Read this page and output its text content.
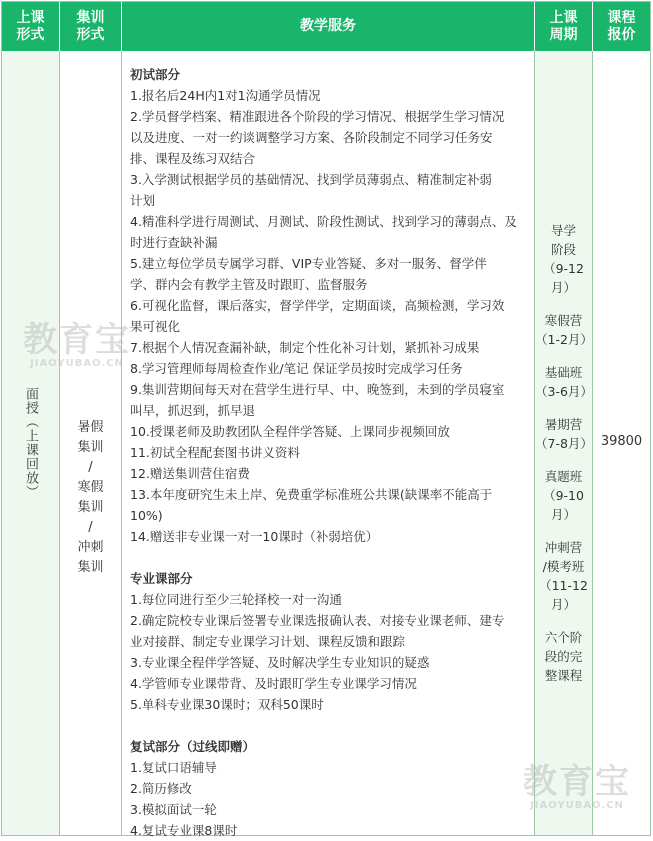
上课
形式
集训
形式
教学服务
上课
周期
课程
报价
面授（上课回放）	暑假
集训
/
寒假
集训
/
冲刺
集训
初试部分
1.报名后24H内1对1沟通学员情况
2.学员督学档案、精准跟进各个阶段的学习情况、根据学生学习情况
以及进度、一对一约谈调整学习方案、各阶段制定不同学习任务安
排、课程及练习双结合
3.入学测试根据学员的基础情况、找到学员薄弱点、精准制定补弱
计划
4.精准科学进行周测试、月测试、阶段性测试、找到学习的薄弱点、及
时进行查缺补漏
5.建立每位学员专属学习群、VIP专业答疑、多对一服务、督学伴
学、群内会有教学主管及时跟盯、监督服务
6.可视化监督，课后落实，督学伴学，定期面谈，高频检测，学习效
果可视化
7.根据个人情况查漏补缺，制定个性化补习计划，紧抓补习成果
8.学习管理师每周检查作业/笔记 保证学员按时完成学习任务
9.集训营期间每天对在营学生进行早、中、晚签到，未到的学员寝室
叫早，抓迟到，抓早退
10.授课老师及助教团队全程伴学答疑、上课同步视频回放
11.初试全程配套图书讲义资料
12.赠送集训营住宿费
13.本年度研究生未上岸、免费重学标准班公共课(缺课率不能高于
10%)
14.赠送非专业课一对一10课时（补弱培优）
专业课部分
1.每位同进行至少三轮择校一对一沟通
2.确定院校专业课后签署专业课选报确认表、对接专业课老师、建专
业对接群、制定专业课学习计划、课程反馈和跟踪
3.专业课全程伴学答疑、及时解决学生专业知识的疑惑
4.学管师专业课带背、及时跟盯学生专业课学习情况
5.单科专业课30课时；双科50课时
复试部分（过线即赠）
1.复试口语辅导
2.简历修改
3.模拟面试一轮
4.复试专业课8课时
导学
阶段
（9-12月）
寒假营
（1-2月）
基础班
（3-6月）
暑期营
（7-8月）
真题班
（9-10月）
冲刺营
/模考班
（11-12月）
六个阶
段的完
整课程
39800
教育宝
JIAOYUBAO.CN
教育宝
JIAOYUBAO.CN
